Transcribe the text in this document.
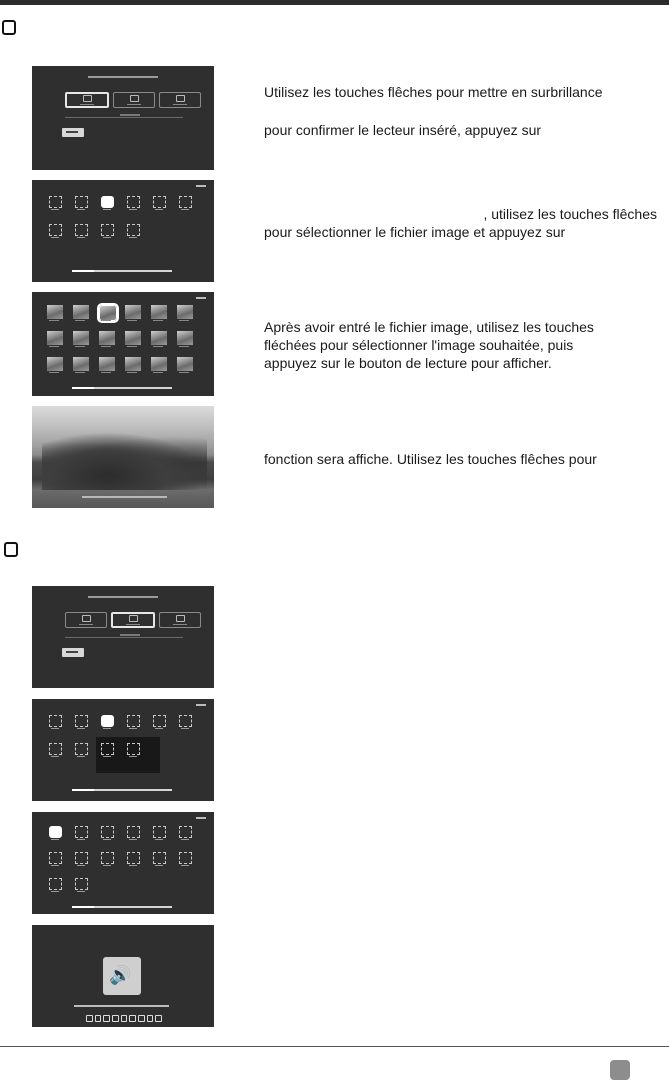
Utilisez les touches flêches pour mettre en surbrillance

pour confirmer le lecteur inséré, appuyez sur

, utilisez les touches flêches

pour sélectionner le fichier image et appuyez sur

Après avoir entré le fichier image, utilisez les touches

fléchées pour sélectionner l'image souhaitée, puis

appuyez sur le bouton de lecture pour afficher.

fonction sera affiche. Utilisez les touches flêches pour

🔊
